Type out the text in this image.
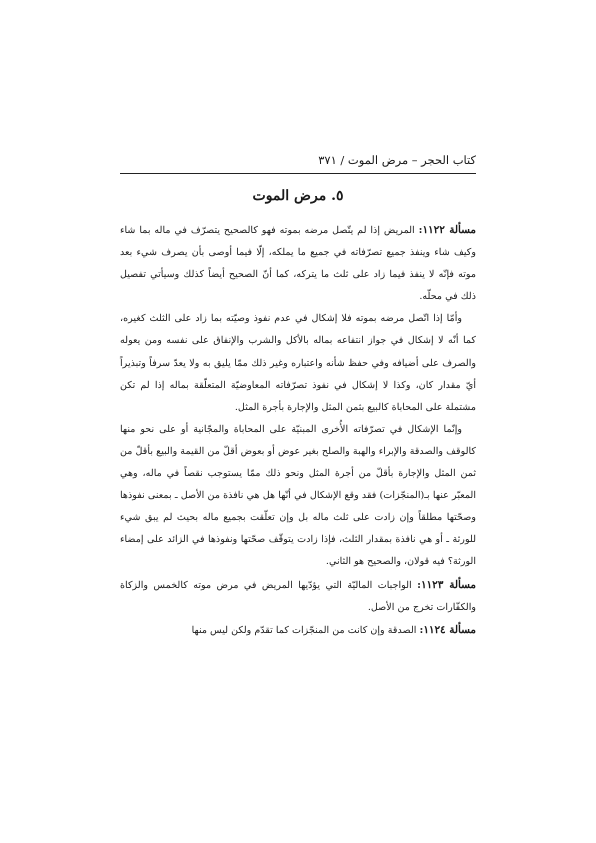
كتاب الحجر – مرض الموت / ٣٧١
٥. مرض الموت

مسألة ١١٢٢: المريض إذا لم يتّصل مرضه بموته فهو كالصحيح يتصرّف في ماله بما شاء وكيف شاء وينفذ جميع تصرّفاته في جميع ما يملكه، إلّا فيما أوصى بأن يصرف شيء بعد موته فإنّه لا ينفذ فيما زاد على ثلث ما يتركه، كما أنّ الصحيح أيضاً كذلك وسيأتي تفصيل ذلك في محلّه.

وأمّا إذا اتّصل مرضه بموته فلا إشكال في عدم نفوذ وصيّته بما زاد على الثلث كغيره، كما أنّه لا إشكال في جواز انتفاعه بماله بالأكل والشرب والإنفاق على نفسه ومن يعوله والصرف على أضيافه وفي حفظ شأنه واعتباره وغير ذلك ممّا يليق به ولا يعدّ سرفاً وتبذيراً أيّ مقدار كان، وكذا لا إشكال في نفوذ تصرّفاته المعاوضيّة المتعلّقة بماله إذا لم تكن مشتملة على المحاباة كالبيع بثمن المثل والإجارة بأجرة المثل.

وإنّما الإشكال في تصرّفاته الأُخرى المبنيّة على المحاباة والمجّانية أو على نحو منها كالوقف والصدقة والإبراء والهبة والصلح بغير عوض أو بعوض أقلّ من القيمة والبيع بأقلّ من ثمن المثل والإجارة بأقلّ من أجرة المثل ونحو ذلك ممّا يستوجب نقصاً في ماله، وهي المعبّر عنها بـ(المنجّزات) فقد وقع الإشكال في أنّها هل هي نافذة من الأصل ـ بمعنى نفوذها وصحّتها مطلقاً وإن زادت على ثلث ماله بل وإن تعلّقت بجميع ماله بحيث لم يبق شيء للورثة ـ أو هي نافذة بمقدار الثلث، فإذا زادت يتوقّف صحّتها ونفوذها في الزائد على إمضاء الورثة؟ فيه قولان، والصحيح هو الثاني.

مسألة ١١٢٣: الواجبات الماليّة التي يؤدّيها المريض في مرض موته كالخمس والزكاة والكفّارات تخرج من الأصل.

مسألة ١١٢٤: الصدقة وإن كانت من المنجّزات كما تقدّم ولكن ليس منها
